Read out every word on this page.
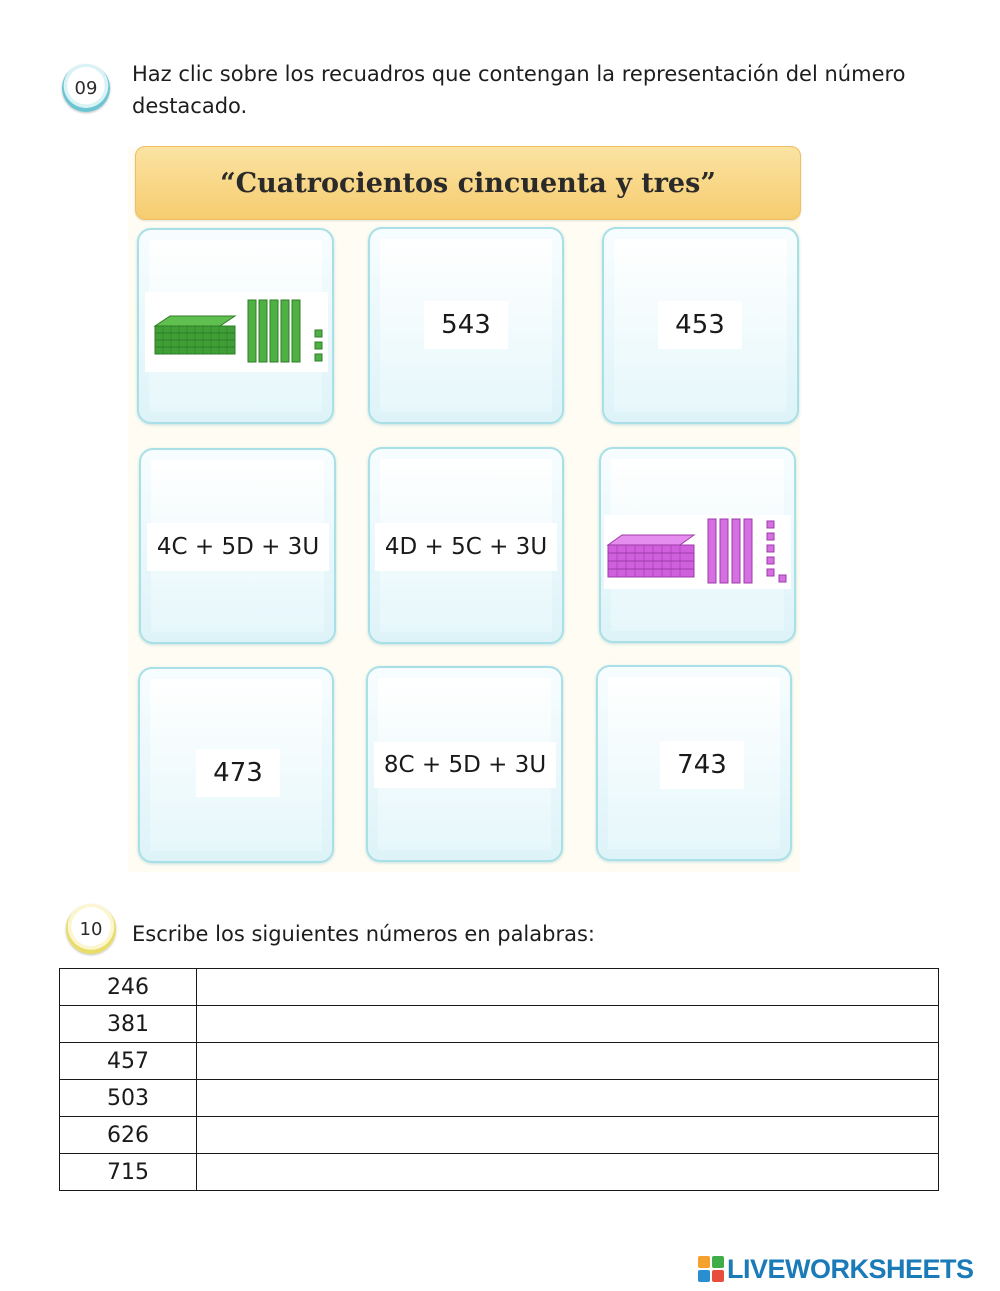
09
Haz clic sobre los recuadros que contengan la representación del número destacado.
“Cuatrocientos cincuenta y tres”
543	453
4C + 5D + 3U	4D + 5C + 3U
473	8C + 5D + 3U	743
10 Escribe los siguientes números en palabras:
246	
381	
457	
503	
626	
715	
LIVEWORKSHEETS
